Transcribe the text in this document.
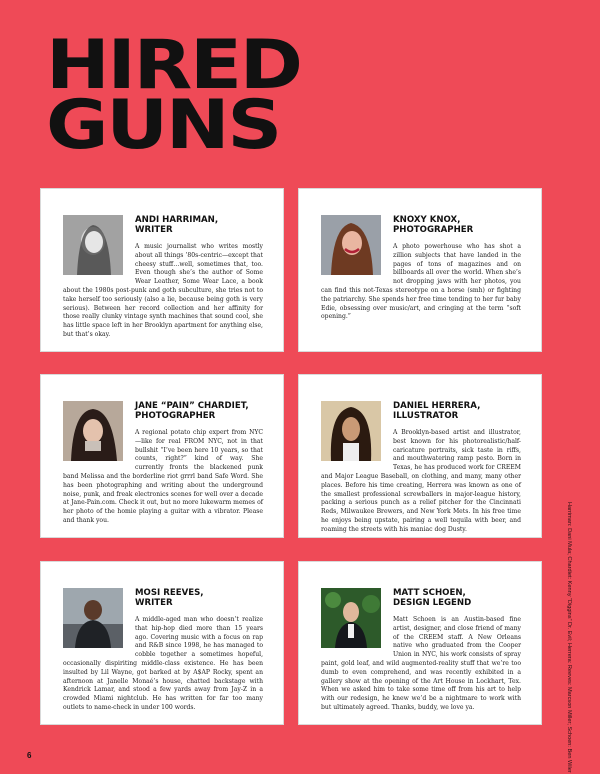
HIRED
GUNS
ANDI HARRIMAN,
WRITER

A music journalist who writes mostly about all things ’80s-centric—except that cheesy stuff…well, sometimes that, too. Even though she’s the author of Some Wear Leather, Some Wear Lace, a book about the 1980s post-punk and goth subculture, she tries not to take herself too seriously (also a lie, because being goth is very serious). Between her record collection and her affinity for those really clunky vintage synth machines that sound cool, she has little space left in her Brooklyn apartment for anything else, but that’s okay.

KNOXY KNOX,
PHOTOGRAPHER

A photo powerhouse who has shot a zillion subjects that have landed in the pages of tons of magazines and on billboards all over the world. When she’s not dropping jaws with her photos, you can find this not-Texas stereotype on a horse (smh) or fighting the patriarchy. She spends her free time tending to her fur baby Edie, obsessing over music/art, and cringing at the term “soft opening.”

JANE “PAIN” CHARDIET,
PHOTOGRAPHER

A regional potato chip expert from NYC—like for real FROM NYC, not in that bullshit “I’ve been here 10 years, so that counts, right?” kind of way. She currently fronts the blackened punk band Melissa and the borderline riot grrrl band Safe Word. She has been photographing and writing about the underground noise, punk, and freak electronics scenes for well over a decade at Jane-Pain.com. Check it out, but no more lukewarm memes of her photo of the homie playing a guitar with a vibrator. Please and thank you.

DANIEL HERRERA,
ILLUSTRATOR

A Brooklyn-based artist and illustrator, best known for his photorealistic/half-caricature portraits, sick taste in riffs, and mouthwatering ramp pesto. Born in Texas, he has produced work for CREEM and Major League Baseball, on clothing, and many, many other places. Before his time creating, Herrera was known as one of the smallest professional screwballers in major-league history, packing a serious punch as a relief pitcher for the Cincinnati Reds, Milwaukee Brewers, and New York Mets. In his free time he enjoys being upstate, pairing a well tequila with beer, and roaming the streets with his maniac dog Dusty.

MOSI REEVES,
WRITER

A middle-aged man who doesn’t realize that hip-hop died more than 15 years ago. Covering music with a focus on rap and R&B since 1998, he has managed to cobble together a sometimes hopeful, occasionally dispiriting middle-class existence. He has been insulted by Lil Wayne, got barked at by A$AP Rocky, spent an afternoon at Janelle Monaé’s house, chatted backstage with Kendrick Lamar, and stood a few yards away from Jay-Z in a crowded Miami nightclub. He has written for far too many outlets to name-check in under 100 words.

MATT SCHOEN,
DESIGN LEGEND

Matt Schoen is an Austin-based fine artist, designer, and close friend of many of the CREEM staff. A New Orleans native who graduated from the Cooper Union in NYC, his work consists of spray paint, gold leaf, and wild augmented-reality stuff that we’re too dumb to even comprehend, and was recently exhibited in a gallery show at the opening of the Art House in Lockhart, Tex. When we asked him to take some time off from his art to help with our redesign, he knew we’d be a nightmare to work with but ultimately agreed. Thanks, buddy, we love ya.	Harriman: Dani Mula; Chardiet: Kenny “Diggins” Dr. Evil; Herrera: Reeves: Marcson Miller; Schoen: Ben Wiler
6
